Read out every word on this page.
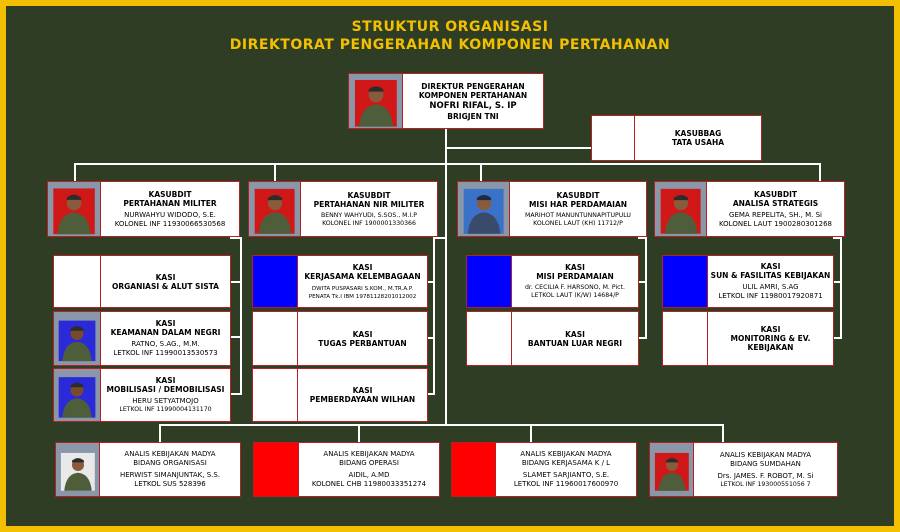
STRUKTUR ORGANISASI
DIREKTORAT PENGERAHAN KOMPONEN PERTAHANAN
DIREKTUR PENGERAHAN
KOMPONEN PERTAHANAN
NOFRI RIFAL, S. IP
BRIGJEN TNI
KASUBBAG
TATA USAHA
KASUBDIT
PERTAHANAN MILITER
NURWAHYU WIDODO, S.E.
KOLONEL INF 11930066530568
KASUBDIT
PERTAHANAN NIR MILITER
BENNY WAHYUDI, S.SOS., M.I.P
KOLONEL INF 1900001330366
KASUBDIT
MISI HAR PERDAMAIAN
MARIHOT MANUNTUNNAPITUPULU
KOLONEL LAUT (KH) 11712/P
KASUBDIT
ANALISA STRATEGIS
GEMA REPELITA, SH., M. Si
KOLONEL LAUT 1900280301268
KASI
ORGANIASI & ALUT SISTA
KASI
KEAMANAN DALAM NEGRI
RATNO, S.AG., M.M.
LETKOL INF 11990013530573
KASI
MOBILISASI / DEMOBILISASI
HERU SETYATMOJO
LETKOL INF 11990004131170
KASI
KERJASAMA KELEMBAGAAN
DWITA PUSPASARI S.KOM., M.TR.A.P.
PENATA Tk.I IBM 19781128201012002
KASI
TUGAS PERBANTUAN
KASI
PEMBERDAYAAN WILHAN
KASI
MISI PERDAMAIAN
dr. CECILIA F. HARSONO, M. Pict.
LETKOL LAUT (K/W) 14684/P
KASI
BANTUAN LUAR NEGRI
KASI
SUN & FASILITAS KEBIJAKAN
ULIL AMRI, S.AG
LETKOL INF 11980017920871
KASI
MONITORING & EV. KEBIJAKAN
ANALIS KEBIJAKAN MADYA
BIDANG ORGANISASI
HERWIST SIMANJUNTAK, S.S.
LETKOL SUS 528396
ANALIS KEBIJAKAN MADYA
BIDANG OPERASI
AIDIL, A.MD
KOLONEL CHB 11980033351274
ANALIS KEBIJAKAN MADYA
BIDANG KERJASAMA K / L
SLAMET SARJIANTO, S.E.
LETKOL INF 11960017600970
ANALIS KEBIJAKAN MADYA
BIDANG SUMDAHAN
Drs. JAMES. F. ROBOT, M. Si
LETKOL INF 193000551056 7
